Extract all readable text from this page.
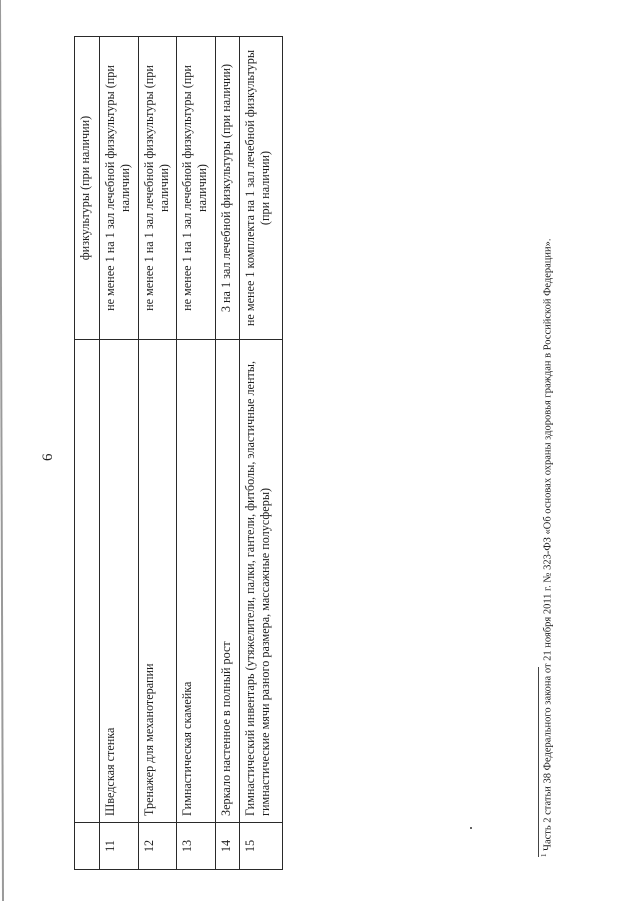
6
		физкультуры (при наличии)
11	Шведская стенка	не менее 1 на 1 зал лечебной физкультуры (при наличии)
12	Тренажер для механотерапии	не менее 1 на 1 зал лечебной физкультуры (при наличии)
13	Гимнастическая скамейка	не менее 1 на 1 зал лечебной физкультуры (при наличии)
14	Зеркало настенное в полный рост	3 на 1 зал лечебной физкультуры (при наличии)
15	Гимнастический инвентарь (утяжелители, палки, гантели, фитболы, эластичные ленты, гимнастические мячи разного размера, массажные полусферы)	не менее 1 комплекта на 1 зал лечебной физкультуры (при наличии)
$^1$ Часть 2 статьи 38 Федерального закона от 21 ноября 2011 г. № 323-ФЗ «Об основах охраны здоровья граждан в Российской Федерации».
